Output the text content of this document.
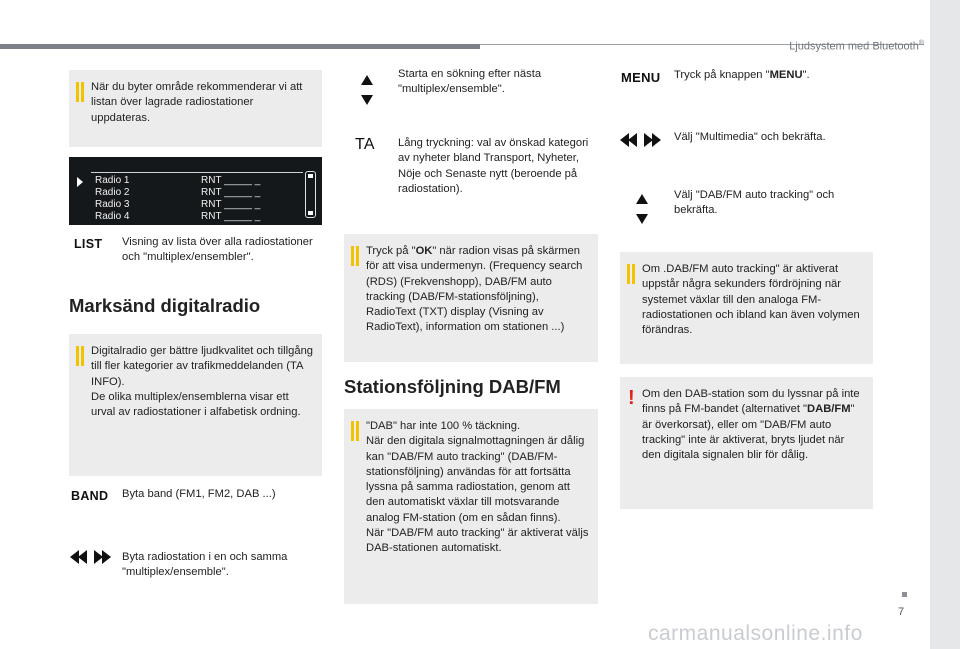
Ljudsystem med Bluetooth®
När du byter område rekommenderar vi att listan över lagrade radiostationer uppdateras.
Radio 1	RNT _____ _
Radio 2	RNT _____ _
Radio 3	RNT _____ _
Radio 4	RNT _____ _
LIST Visning av lista över alla radiostationer och "multiplex/ensembler".
Marksänd digitalradio
Digitalradio ger bättre ljudkvalitet och tillgång till fler kategorier av trafikmeddelanden (TA INFO).
De olika multiplex/ensemblerna visar ett urval av radiostationer i alfabetisk ordning.
BAND Byta band (FM1, FM2, DAB ...)
Byta radiostation i en och samma "multiplex/ensemble".
Starta en sökning efter nästa "multiplex/ensemble".
TA Lång tryckning: val av önskad kategori av nyheter bland Transport, Nyheter, Nöje och Senaste nytt (beroende på radiostation).
Tryck på "OK" när radion visas på skärmen för att visa undermenyn. (Frequency search (RDS) (Frekvenshopp), DAB/FM auto tracking (DAB/FM-stationsföljning), RadioText (TXT) display (Visning av RadioText), information om stationen ...)
Stationsföljning DAB/FM
"DAB" har inte 100 % täckning.
När den digitala signalmottagningen är dålig kan "DAB/FM auto tracking" (DAB/FM-stationsföljning) användas för att fortsätta lyssna på samma radiostation, genom att den automatiskt växlar till motsvarande analog FM-station (om en sådan finns).
När "DAB/FM auto tracking" är aktiverat väljs DAB-stationen automatiskt.
MENU Tryck på knappen "MENU".
Välj "Multimedia" och bekräfta.
Välj "DAB/FM auto tracking" och bekräfta.
Om .DAB/FM auto tracking" är aktiverat uppstår några sekunders fördröjning när systemet växlar till den analoga FM-radiostationen och ibland kan även volymen förändras.
! Om den DAB-station som du lyssnar på inte finns på FM-bandet (alternativet "DAB/FM" är överkorsat), eller om "DAB/FM auto tracking" inte är aktiverat, bryts ljudet när den digitala signalen blir för dålig.
7
carmanualsonline.info
